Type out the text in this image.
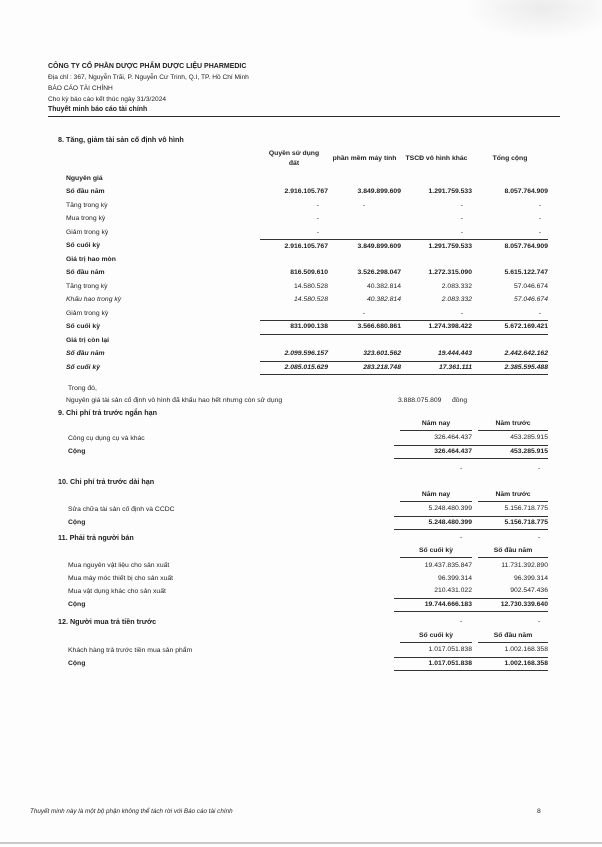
CÔNG TY CỔ PHẦN DƯỢC PHẨM DƯỢC LIỆU PHARMEDIC
Địa chỉ : 367, Nguyễn Trãi, P. Nguyễn Cư Trinh, Q.I, TP. Hồ Chí Minh
BÁO CÁO TÀI CHÍNH
Cho kỳ báo cáo kết thúc ngày 31/3/2024
Thuyết minh báo cáo tài chính
8. Tăng, giảm tài sản cố định vô hình
	Quyền sử dụng đất	phần mềm máy tính	TSCĐ vô hình khác	Tổng cộng
Nguyên giá				
Số đầu năm	2.916.105.767	3.849.899.609	1.291.759.533	8.057.764.909
Tăng trong kỳ	-	-	-	-
Mua trong kỳ	-		-	-
Giảm trong kỳ	-		-	-
Số cuối kỳ	2.916.105.767	3.849.899.609	1.291.759.533	8.057.764.909
Giá trị hao mòn				
Số đầu năm	816.509.610	3.526.298.047	1.272.315.090	5.615.122.747
Tăng trong kỳ	14.580.528	40.382.814	2.083.332	57.046.674
Khấu hao trong kỳ	14.580.528	40.382.814	2.083.332	57.046.674
Giảm trong kỳ		-	-	-
Số cuối kỳ	831.090.138	3.566.680.861	1.274.398.422	5.672.169.421
Giá trị còn lại				
Số đầu năm	2.099.596.157	323.601.562	19.444.443	2.442.642.162
Số cuối kỳ	2.085.015.629	283.218.748	17.361.111	2.385.595.488
Trong đó,
Nguyên giá tài sản cố định vô hình đã khấu hao hết nhưng còn sử dụng	3.888.075.809 đồng
9. Chi phí trả trước ngắn hạn

	Năm nay	Năm trước

Công cụ dụng cụ và khác	326.464.437	453.285.915
Cộng	326.464.437	453.285.915
-	-
10. Chi phí trả trước dài hạn

	Năm nay	Năm trước

Sửa chữa tài sản cố định và CCDC	5.248.480.399	5.156.718.775
Cộng	5.248.480.399	5.156.718.775
11. Phải trả người bán	-	-

	Số cuối kỳ	Số đầu năm

Mua nguyên vật liệu cho sản xuất	19.437.835.847	11.731.392.890
Mua máy móc thiết bị cho sản xuất	96.399.314	96.399.314
Mua vật dụng khác cho sản xuất	210.431.022	902.547.436
Cộng	19.744.666.183	12.730.339.640
12. Người mua trả tiền trước	-	-

	Số cuối kỳ	Số đầu năm

Khách hàng trả trước tiền mua sản phẩm	1.017.051.838	1.002.168.358
Cộng	1.017.051.838	1.002.168.358
Thuyết minh này là một bộ phận không thể tách rời với Báo cáo tài chính	8
